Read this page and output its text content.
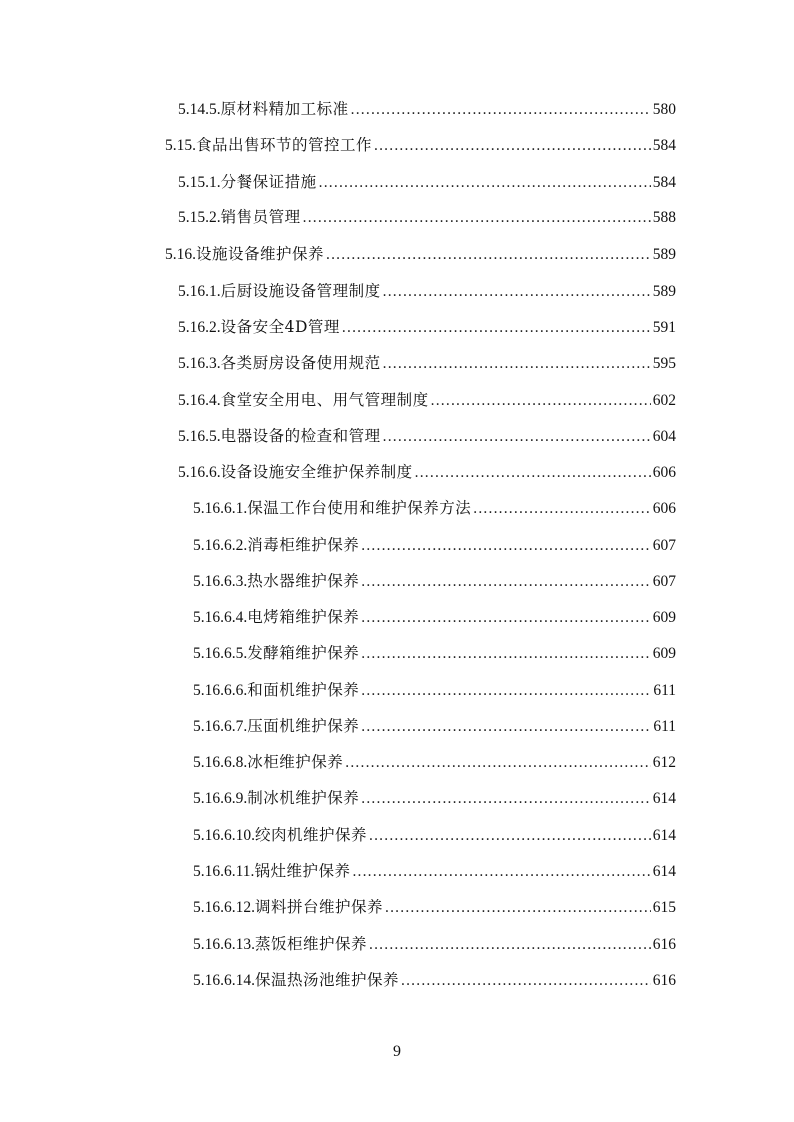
5.14.5. 原材料精加工标准 .....	580
5.15. 食品出售环节的管控工作 .....	584
5.15.1. 分餐保证措施 .....	584
5.15.2. 销售员管理 .....	588
5.16. 设施设备维护保养 .....	589
5.16.1. 后厨设施设备管理制度 .....	589
5.16.2. 设备安全4D管理 .....	591
5.16.3. 各类厨房设备使用规范 .....	595
5.16.4. 食堂安全用电、用气管理制度 .....	602
5.16.5. 电器设备的检查和管理 .....	604
5.16.6. 设备设施安全维护保养制度 .....	606
5.16.6.1. 保温工作台使用和维护保养方法 .....	606
5.16.6.2. 消毒柜维护保养 .....	607
5.16.6.3. 热水器维护保养 .....	607
5.16.6.4. 电烤箱维护保养 .....	609
5.16.6.5. 发酵箱维护保养 .....	609
5.16.6.6. 和面机维护保养 .....	611
5.16.6.7. 压面机维护保养 .....	611
5.16.6.8. 冰柜维护保养 .....	612
5.16.6.9. 制冰机维护保养 .....	614
5.16.6.10. 绞肉机维护保养 .....	614
5.16.6.11. 锅灶维护保养 .....	614
5.16.6.12. 调料拼台维护保养 .....	615
5.16.6.13. 蒸饭柜维护保养 .....	616
5.16.6.14. 保温热汤池维护保养 .....	616
9
